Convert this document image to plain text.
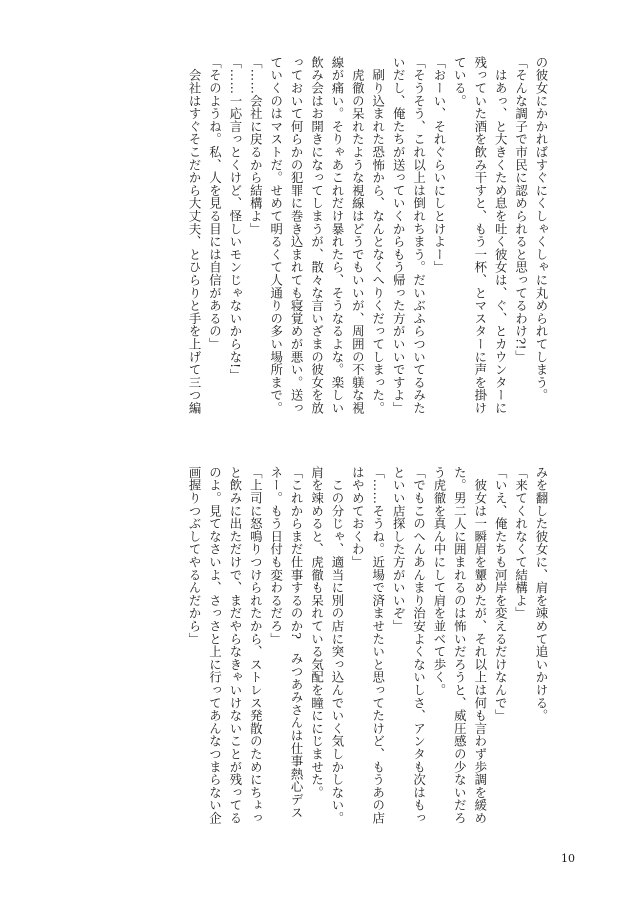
の彼女にかかればすぐにくしゃくしゃに丸められてしまう。
「そんな調子で市民に認められると思ってるわけ?!」
　はあっ、と大きくため息を吐く彼女は、ぐ、とカウンターに
残っていた酒を飲み干すと、もう一杯、とマスターに声を掛け
ている。
「おーい、それぐらいにしとけよー」
「そうそう、これ以上は倒れちまう。だいぶふらついてるみた
いだし、俺たちが送っていくからもう帰った方がいいですよ」
　刷り込まれた恐怖から、なんとなくへりくだってしまった。
　虎徹の呆れたような視線はどうでもいいが、周囲の不躾な視
線が痛い。そりゃあこれだけ暴れたら、そうなるよな。楽しい
飲み会はお開きになってしまうが、散々な言いざまの彼女を放
っておいて何らかの犯罪に巻き込まれても寝覚めが悪い。送っ
ていくのはマストだ。せめて明るくて人通りの多い場所まで。
「……会社に戻るから結構よ」
「……一応言っとくけど、怪しいモンじゃないからな!」
「そのようね。私、人を見る目には自信があるの」
　会社はすぐそこだから大丈夫、とひらりと手を上げて三つ編
みを翻した彼女に、肩を竦めて追いかける。
「来てくれなくて結構よ」
「いえ、俺たちも河岸を変えるだけなんで」
　彼女は一瞬眉を顰めたが、それ以上は何も言わず歩調を緩め
た。男二人に囲まれるのは怖いだろうと、威圧感の少ないだろ
う虎徹を真ん中にして肩を並べて歩く。
「でもこのへんあんまり治安よくないしさ、アンタも次はもっ
といい店探した方がいいぞ」
「……そうね。近場で済ませたいと思ってたけど、もうあの店
はやめておくわ」
　この分じゃ、適当に別の店に突っ込んでいく気しかしない。
肩を竦めると、虎徹も呆れている気配を瞳ににじませた。
「これからまだ仕事するのか?　みつあみさんは仕事熱心デス
ネー。もう日付も変わるだろ」
「上司に怒鳴りつけられたから、ストレス発散のためにちょっ
と飲みに出ただけで、まだやらなきゃいけないことが残ってる
のよ。見てなさいよ、さっさと上に行ってあんなつまらない企
画握りつぶしてやるんだから」
10
